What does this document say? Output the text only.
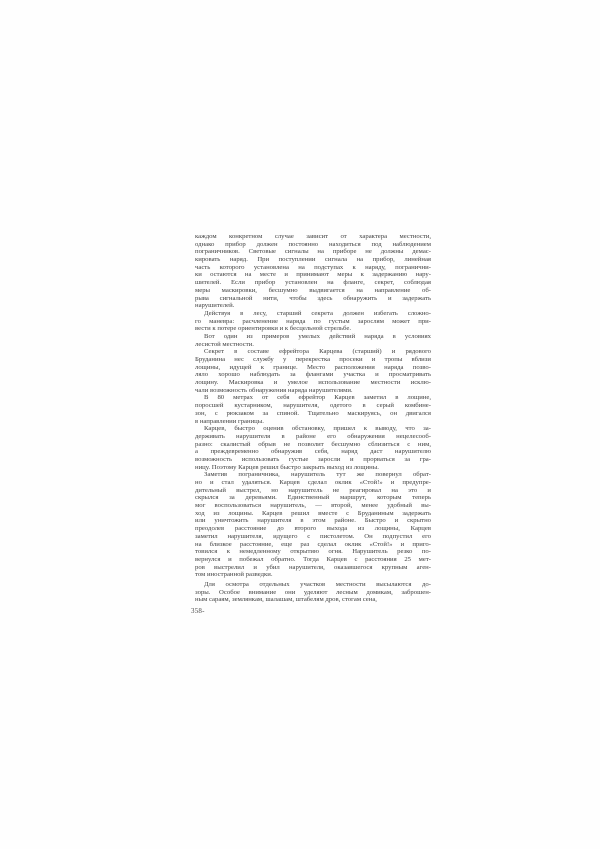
каждом конкретном случае зависит от характера местности,
однако прибор должен постоянно находиться под наблюдением
пограничников. Световые сигналы на приборе не должны демас-
кировать наряд. При поступлении сигнала на прибор, линейная
часть которого установлена на подступах к наряду, погранични-
ки остаются на месте и принимают меры к задержанию нару-
шителей. Если прибор установлен на фланге, секрет, соблюдая
меры маскировки, бесшумно выдвигается на направление об-
рыва сигнальной нити, чтобы здесь обнаружить и задержать
нарушителей.

Действуя в лесу, старший секрета должен избегать сложно-
го маневра: расчленение наряда по густым зарослям может при-
вести к потере ориентировки и к бесцельной стрельбе.

Вот один из примеров умелых действий наряда в условиях
лесистой местности.

Секрет в составе ефрейтора Карцева (старший) и рядового
Бруданина нес службу у перекрестка просеки и тропы вблизи
лощины, идущей к границе. Место расположения наряда позво-
ляло хорошо наблюдать за флангами участка и просматривать
лощину. Маскировка и умелое использование местности исклю-
чали возможность обнаружения наряда нарушителями.

В 80 метрах от себя ефрейтор Карцев заметил в лощине,
поросшей кустарником, нарушителя, одетого в серый комбине-
зон, с рюкзаком за спиной. Тщательно маскируясь, он двигался
в направлении границы.

Карцев, быстро оценив обстановку, пришел к выводу, что за-
держивать нарушителя в районе его обнаружения нецелесооб-
разно: скалистый обрыв не позволит бесшумно сблизиться с ним,
а преждевременно обнаружив себя, наряд даст нарушителю
возможность использовать густые заросли и прорваться за гра-
ницу. Поэтому Карцев решил быстро закрыть выход из лощины.

Заметив пограничника, нарушитель тут же повернул обрат-
но и стал удаляться. Карцев сделал оклик «Стой!» и предупре-
дительный выстрел, но нарушитель не реагировал на это и
скрылся за деревьями. Единственный маршрут, которым теперь
мог воспользоваться нарушитель, — второй, менее удобный вы-
ход из лощины. Карцев решил вместе с Бруданиным задержать
или уничтожить нарушителя в этом районе. Быстро и скрытно
преодолев расстояние до второго выхода из лощины, Карцев
заметил нарушителя, идущего с пистолетом. Он подпустил его
на близкое расстояние, еще раз сделал оклик «Стой!» и приго-
товился к немедленному открытию огня. Нарушитель резко по-
вернулся и побежал обратно. Тогда Карцев с расстояния 25 мет-
ров выстрелил и убил нарушителя, оказавшегося крупным аген-
том иностранной разведки.

Для осмотра отдельных участков местности высылаются до-
зоры. Особое внимание они уделяют лесным домикам, заброшен-
ным сараям, землянкам, шалашам, штабелям дров, стогам сена,

358-
